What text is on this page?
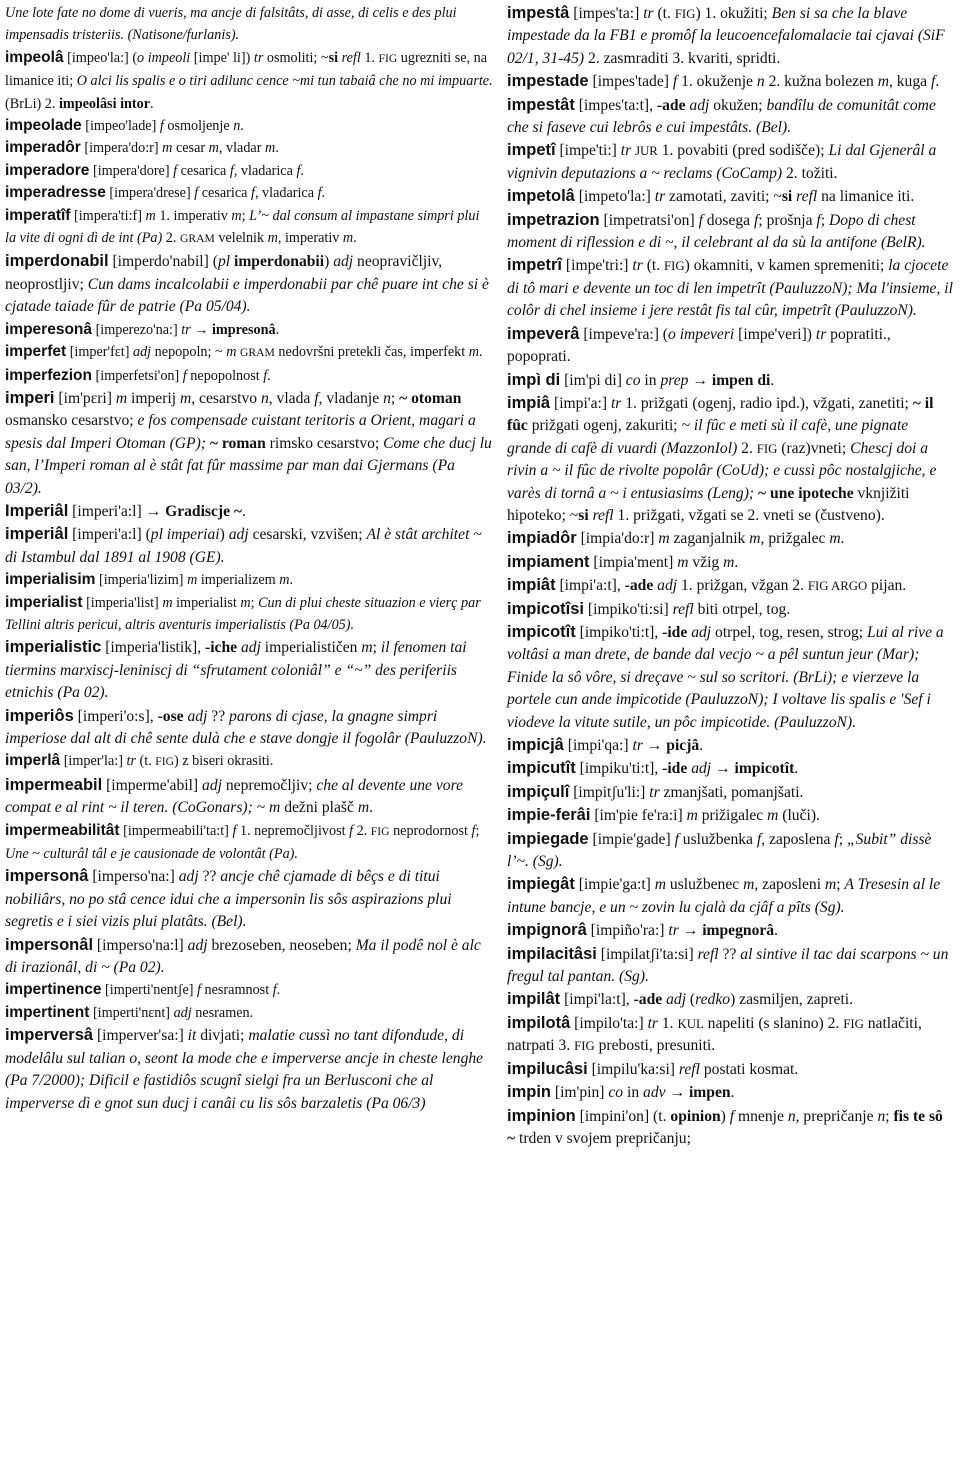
Une lote fate no dome di vueris, ma ancje di falsitâts, di asse, di celis e des plui impensadis tristeriis. (Natisone/furlanis).

impeolâ [impeo'la:] (o impeoli [impe' li]) tr osmoliti; ~si refl 1. FIG ugrezniti se, na limanice iti; O alci lis spalis e o tiri adilunc cence ~mi tun tabaiâ che no mi impuarte. (BrLi) 2. impeolâsi intor.

impeolade [impeo'lade] f osmoljenje n.

imperadôr [impera'do:r] m cesar m, vladar m.

imperadore [impera'dore] f cesarica f, vladarica f.

imperadresse [impera'drese] f cesarica f, vladarica f.

imperatîf [impera'ti:f] m 1. imperativ m; L’~ dal consum al impastane simpri plui la vite di ogni dì de int (Pa) 2. GRAM velelnik m, imperativ m.

imperdonabil [imperdo'nabil] (pl imperdonabii) adj neopravičljiv, neoprostljiv; Cun dams incalcolabii e imperdonabii par chê puare int che si è cjatade taiade fûr de patrie (Pa 05/04).

imperesonâ [imperezo'na:] tr → impresonâ.

imperfet [imper'fɛt] adj nepopoln; ~ m GRAM nedovršni pretekli čas, imperfekt m.

imperfezion [imperfetsi'on] f nepopolnost f.

imperi [im'pɛri] m imperij m, cesarstvo n, vlada f, vladanje n; ~ otoman osmansko cesarstvo; e fos compensade cuistant teritoris a Orient, magari a spesis dal Imperi Otoman (GP); ~ roman rimsko cesarstvo; Come che ducj lu san, l’Imperi roman al è stât fat fûr massime par man dai Gjermans (Pa 03/2).

Imperiâl [imperi'a:l] → Gradiscje ~.

imperiâl [imperi'a:l] (pl imperiai) adj cesarski, vzvišen; Al è stât architet ~ di Istambul dal 1891 al 1908 (GE).

imperialisim [imperia'lizim] m imperializem m.

imperialist [imperia'list] m imperialist m; Cun di plui cheste situazion e vierç par Tellini altris pericui, altris aventuris imperialistis (Pa 04/05).

imperialistic [imperia'listik], -iche adj imperialističen m; il fenomen tai tiermins marxiscj-leniniscj di “sfrutament coloniâl” e “~” des periferiis etnichis (Pa 02).

imperiôs [imperi'o:s], -ose adj ?? parons di cjase, la gnagne simpri imperiose dal alt di chê sente dulà che e stave dongje il fogolâr (PauluzzoN).

imperlâ [imper'la:] tr (t. FIG) z biseri okrasiti.

impermeabil [imperme'abil] adj nepremočljiv; che al devente une vore compat e al rint ~ il teren. (CoGonars); ~ m dežni plašč m.

impermeabilitât [impermeabili'ta:t] f 1. nepremočljivost f 2. FIG neprodornost f; Une ~ culturâl tâl e je causionade de volontât (Pa).

impersonâ [imperso'na:] adj ?? ancje chê cjamade di bêçs e di titui nobiliârs, no po stâ cence idui che a impersonin lis sôs aspirazions plui segretis e i siei vizis plui platâts. (Bel).

impersonâl [imperso'na:l] adj brezoseben, neoseben; Ma il podê nol è alc di irazionâl, di ~ (Pa 02).

impertinence [imperti'nentʃe] f nesramnost f.

impertinent [imperti'nɛnt] adj nesramen.

imperversâ [imperver'sa:] it divjati; malatie cussì no tant difondude, di modelâlu sul talian o, seont la mode che e imperverse ancje in cheste lenghe (Pa 7/2000); Dificil e fastidiôs scugnî sielgi fra un Berlusconi che al imperverse dì e gnot sun ducj i canâi cu lis sôs barzaletis (Pa 06/3)

impestâ [impes'ta:] tr (t. FIG) 1. okužiti; Ben si sa che la blave impestade da la FB1 e promôf la leucoencefalomalacie tai cjavai (SiF 02/1, 31-45) 2. zasmraditi 3. kvariti, spridti.

impestade [impes'tade] f 1. okuženje n 2. kužna bolezen m, kuga f.

impestât [impes'ta:t], -ade adj okužen; bandîlu de comunitât come che si faseve cui lebrôs e cui impestâts. (Bel).

impetî [impe'ti:] tr JUR 1. povabiti (pred sodišče); Li dal Gjenerâl a vignivin deputazions a ~ reclams (CoCamp) 2. tožiti.

impetolâ [impeto'la:] tr zamotati, zaviti; ~si refl na limanice iti.

impetrazion [impetratsi'on] f dosega f; prošnja f; Dopo di chest moment di riflession e di ~, il celebrant al da sù la antifone (BelR).

impetrî [impe'tri:] tr (t. FIG) okamniti, v kamen spremeniti; la cjocete di tô mari e devente un toc di len impetrît (PauluzzoN); Ma l'insieme, il colôr di chel insieme i jere restât fis tal cûr, impetrît (PauluzzoN).

impeverâ [impeve'ra:] (o impeveri [impe'veri]) tr popratiti., popoprati.

impì di [im'pi di] co in prep → impen di.

impiâ [impi'a:] tr 1. prižgati (ogenj, radio ipd.), vžgati, zanetiti; ~ il fûc prižgati ogenj, zakuriti; ~ il fûc e meti sù il cafè, une pignate grande di cafè di vuardi (MazzonIol) 2. FIG (raz)vneti; Chescj doi a rivin a ~ il fûc de rivolte popolâr (CoUd); e cussì pôc nostalgjiche, e varès di tornâ a ~ i entusiasims (Leng); ~ une ipoteche vknjižiti hipoteko; ~si refl 1. prižgati, vžgati se 2. vneti se (čustveno).

impiadôr [impia'do:r] m zaganjalnik m, prižgalec m.

impiament [impia'ment] m vžig m.

impiât [impi'a:t], -ade adj 1. prižgan, vžgan 2. FIG ARGO pijan.

impicotîsi [impiko'ti:si] refl biti otrpel, tog.

impicotît [impiko'ti:t], -ide adj otrpel, tog, resen, strog; Lui al rive a voltâsi a man drete, de bande dal vecjo ~ a pêl suntun jeur (Mar); Finide la sô vôre, si dreçave ~ sul so scritori. (BrLi); e vierzeve la portele cun ande impicotide (PauluzzoN); I voltave lis spalis e 'Sef i viodeve la vitute sutile, un pôc impicotide. (PauluzzoN).

impicjâ [impi'qa:] tr → picjâ.

impicutît [impiku'ti:t], -ide adj → impicotît.

impiçulî [impitʃu'li:] tr zmanjšati, pomanjšati.

impie-ferâi [im'pie fe'ra:i] m prižigalec m (luči).

impiegade [impie'gade] f uslužbenka f, zaposlena f; „Subit” dissè l’~. (Sg).

impiegât [impie'ga:t] m uslužbenec m, zaposleni m; A Tresesin al le intune bancje, e un ~ zovin lu cjalà da cjâf a pîts (Sg).

impignorâ [impiño'ra:] tr → impegnorâ.

impilacitâsi [impilatʃi'ta:si] refl ?? al sintive il tac dai scarpons ~ un fregul tal pantan. (Sg).

impilât [impi'la:t], -ade adj (redko) zasmiljen, zapreti.

impilotâ [impilo'ta:] tr 1. KUL napeliti (s slanino) 2. FIG natlačiti, natrpati 3. FIG prebosti, presuniti.

impilucâsi [impilu'ka:si] refl postati kosmat.

impin [im'pin] co in adv → impen.

impinion [impini'on] (t. opinion) f mnenje n, prepričanje n; fis te sô ~ trden v svojem prepričanju;
